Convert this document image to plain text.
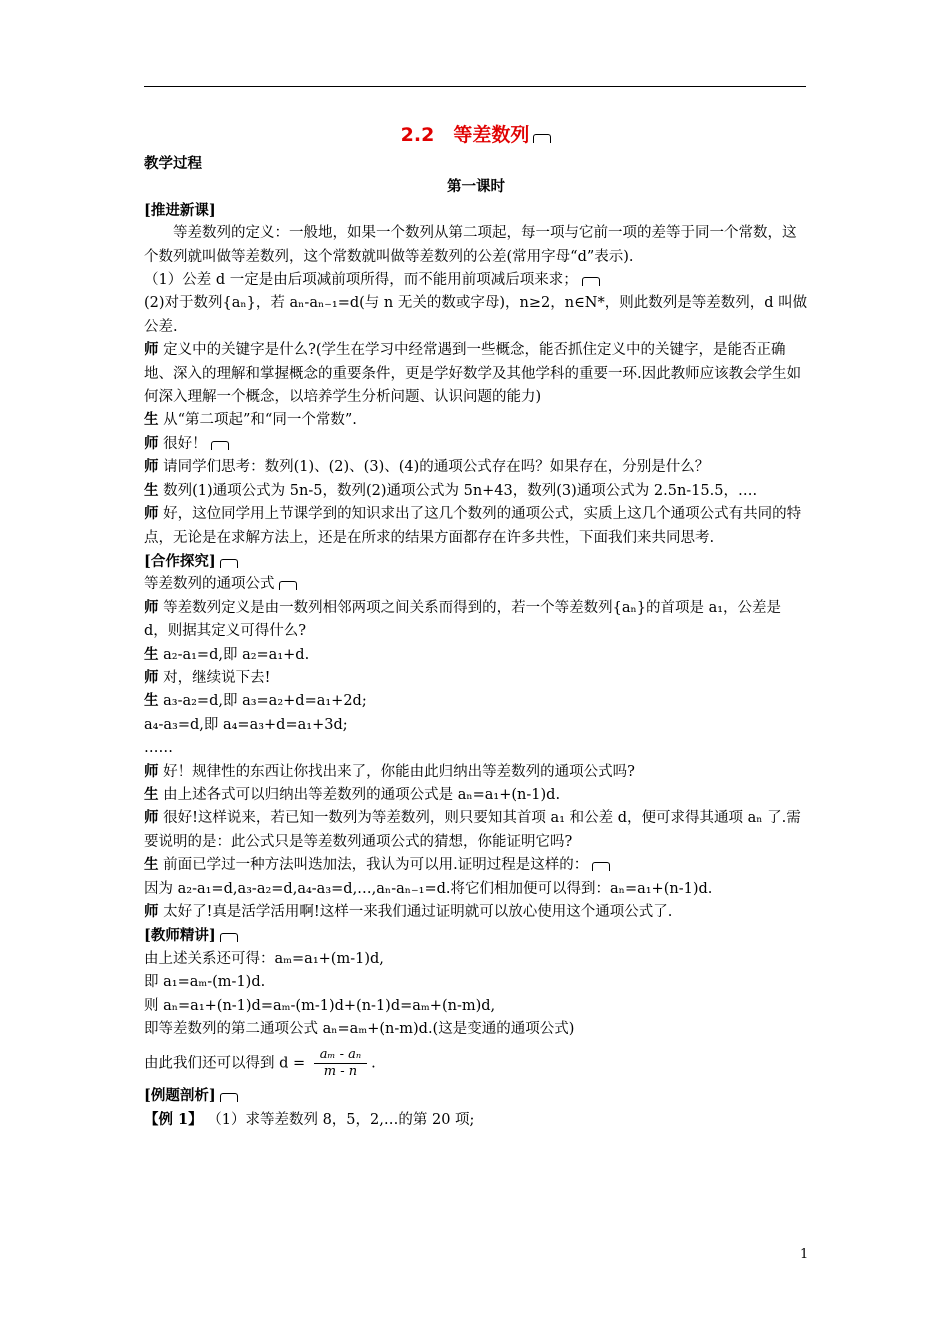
2.2　等差数列

教学过程

第一课时

[推进新课]

等差数列的定义：一般地，如果一个数列从第二项起，每一项与它前一项的差等于同一个常数，这个数列就叫做等差数列，这个常数就叫做等差数列的公差(常用字母“d”表示).

（1）公差 d 一定是由后项减前项所得，而不能用前项减后项来求；

(2)对于数列{aₙ}，若 aₙ-aₙ₋₁=d(与 n 无关的数或字母)，n≥2，n∈N*，则此数列是等差数列，d 叫做公差.

师 定义中的关键字是什么?(学生在学习中经常遇到一些概念，能否抓住定义中的关键字，是能否正确地、深入的理解和掌握概念的重要条件，更是学好数学及其他学科的重要一环.因此教师应该教会学生如何深入理解一个概念，以培养学生分析问题、认识问题的能力)

生 从“第二项起”和“同一个常数”.

师 很好！

师 请同学们思考：数列(1)、(2)、(3)、(4)的通项公式存在吗？如果存在，分别是什么？

生 数列(1)通项公式为 5n-5，数列(2)通项公式为 5n+43，数列(3)通项公式为 2.5n-15.5，….

师 好，这位同学用上节课学到的知识求出了这几个数列的通项公式，实质上这几个通项公式有共同的特点，无论是在求解方法上，还是在所求的结果方面都存在许多共性，下面我们来共同思考.

[合作探究]

等差数列的通项公式

师 等差数列定义是由一数列相邻两项之间关系而得到的，若一个等差数列{aₙ}的首项是 a₁，公差是 d，则据其定义可得什么?

生 a₂-a₁=d,即 a₂=a₁+d.

师 对，继续说下去!

生 a₃-a₂=d,即 a₃=a₂+d=a₁+2d;

a₄-a₃=d,即 a₄=a₃+d=a₁+3d;

……

师 好！规律性的东西让你找出来了，你能由此归纳出等差数列的通项公式吗?

生 由上述各式可以归纳出等差数列的通项公式是 aₙ=a₁+(n-1)d.

师 很好!这样说来，若已知一数列为等差数列，则只要知其首项 a₁ 和公差 d，便可求得其通项 aₙ 了.需要说明的是：此公式只是等差数列通项公式的猜想，你能证明它吗?

生 前面已学过一种方法叫迭加法，我认为可以用.证明过程是这样的：

因为 a₂-a₁=d,a₃-a₂=d,a₄-a₃=d,…,aₙ-aₙ₋₁=d.将它们相加便可以得到：aₙ=a₁+(n-1)d.

师 太好了!真是活学活用啊!这样一来我们通过证明就可以放心使用这个通项公式了.

[教师精讲]

由上述关系还可得：aₘ=a₁+(m-1)d,

即 a₁=aₘ-(m-1)d.

则 aₙ=a₁+(n-1)d=aₘ-(m-1)d+(n-1)d=aₘ+(n-m)d,

即等差数列的第二通项公式 aₙ=aₘ+(n-m)d.(这是变通的通项公式)

由此我们还可以得到 $d = \frac{\text{aₘ - aₙ}}{m - n}$ .

[例题剖析]

【例 1】 （1）求等差数列 8，5，2,…的第 20 项;

1
